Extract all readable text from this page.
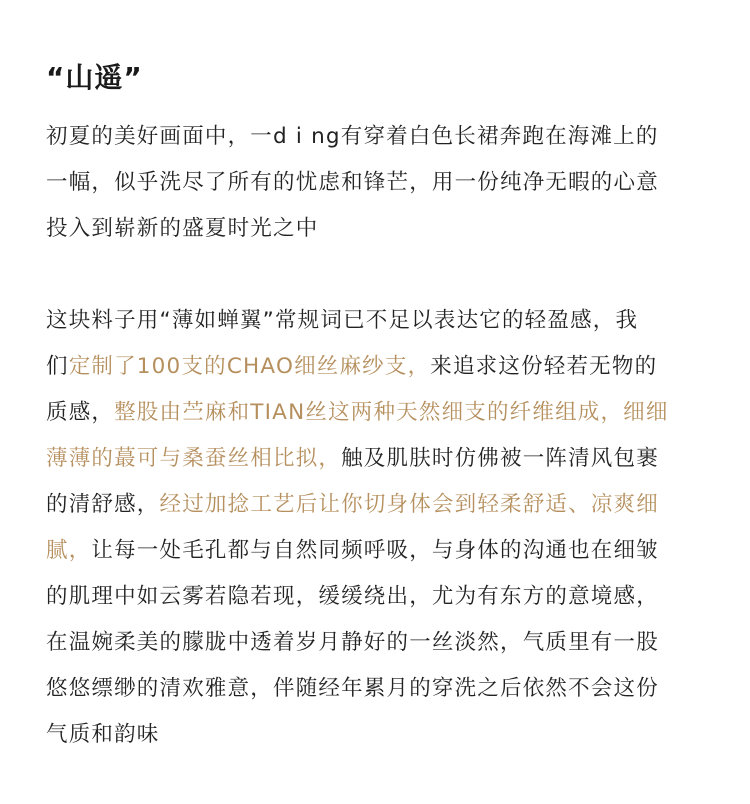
“山遥”
初夏的美好画面中，一d i ng有穿着白色长裙奔跑在海滩上的
一幅，似乎洗尽了所有的忧虑和锋芒，用一份纯净无暇的心意
投入到崭新的盛夏时光之中
这块料子用“薄如蝉翼”常规词已不足以表达它的轻盈感，我
们定制了100支的CHAO细丝麻纱支，来追求这份轻若无物的
质感，整股由苎麻和TIAN丝这两种天然细支的纤维组成，细细
薄薄的蕞可与桑蚕丝相比拟，触及肌肤时仿佛被一阵清风包裹
的清舒感，经过加捻工艺后让你切身体会到轻柔舒适、凉爽细
腻，让每一处毛孔都与自然同频呼吸，与身体的沟通也在细皱
的肌理中如云雾若隐若现，缓缓绕出，尤为有东方的意境感，
在温婉柔美的朦胧中透着岁月静好的一丝淡然，气质里有一股
悠悠缥缈的清欢雅意，伴随经年累月的穿洗之后依然不会这份
气质和韵味
